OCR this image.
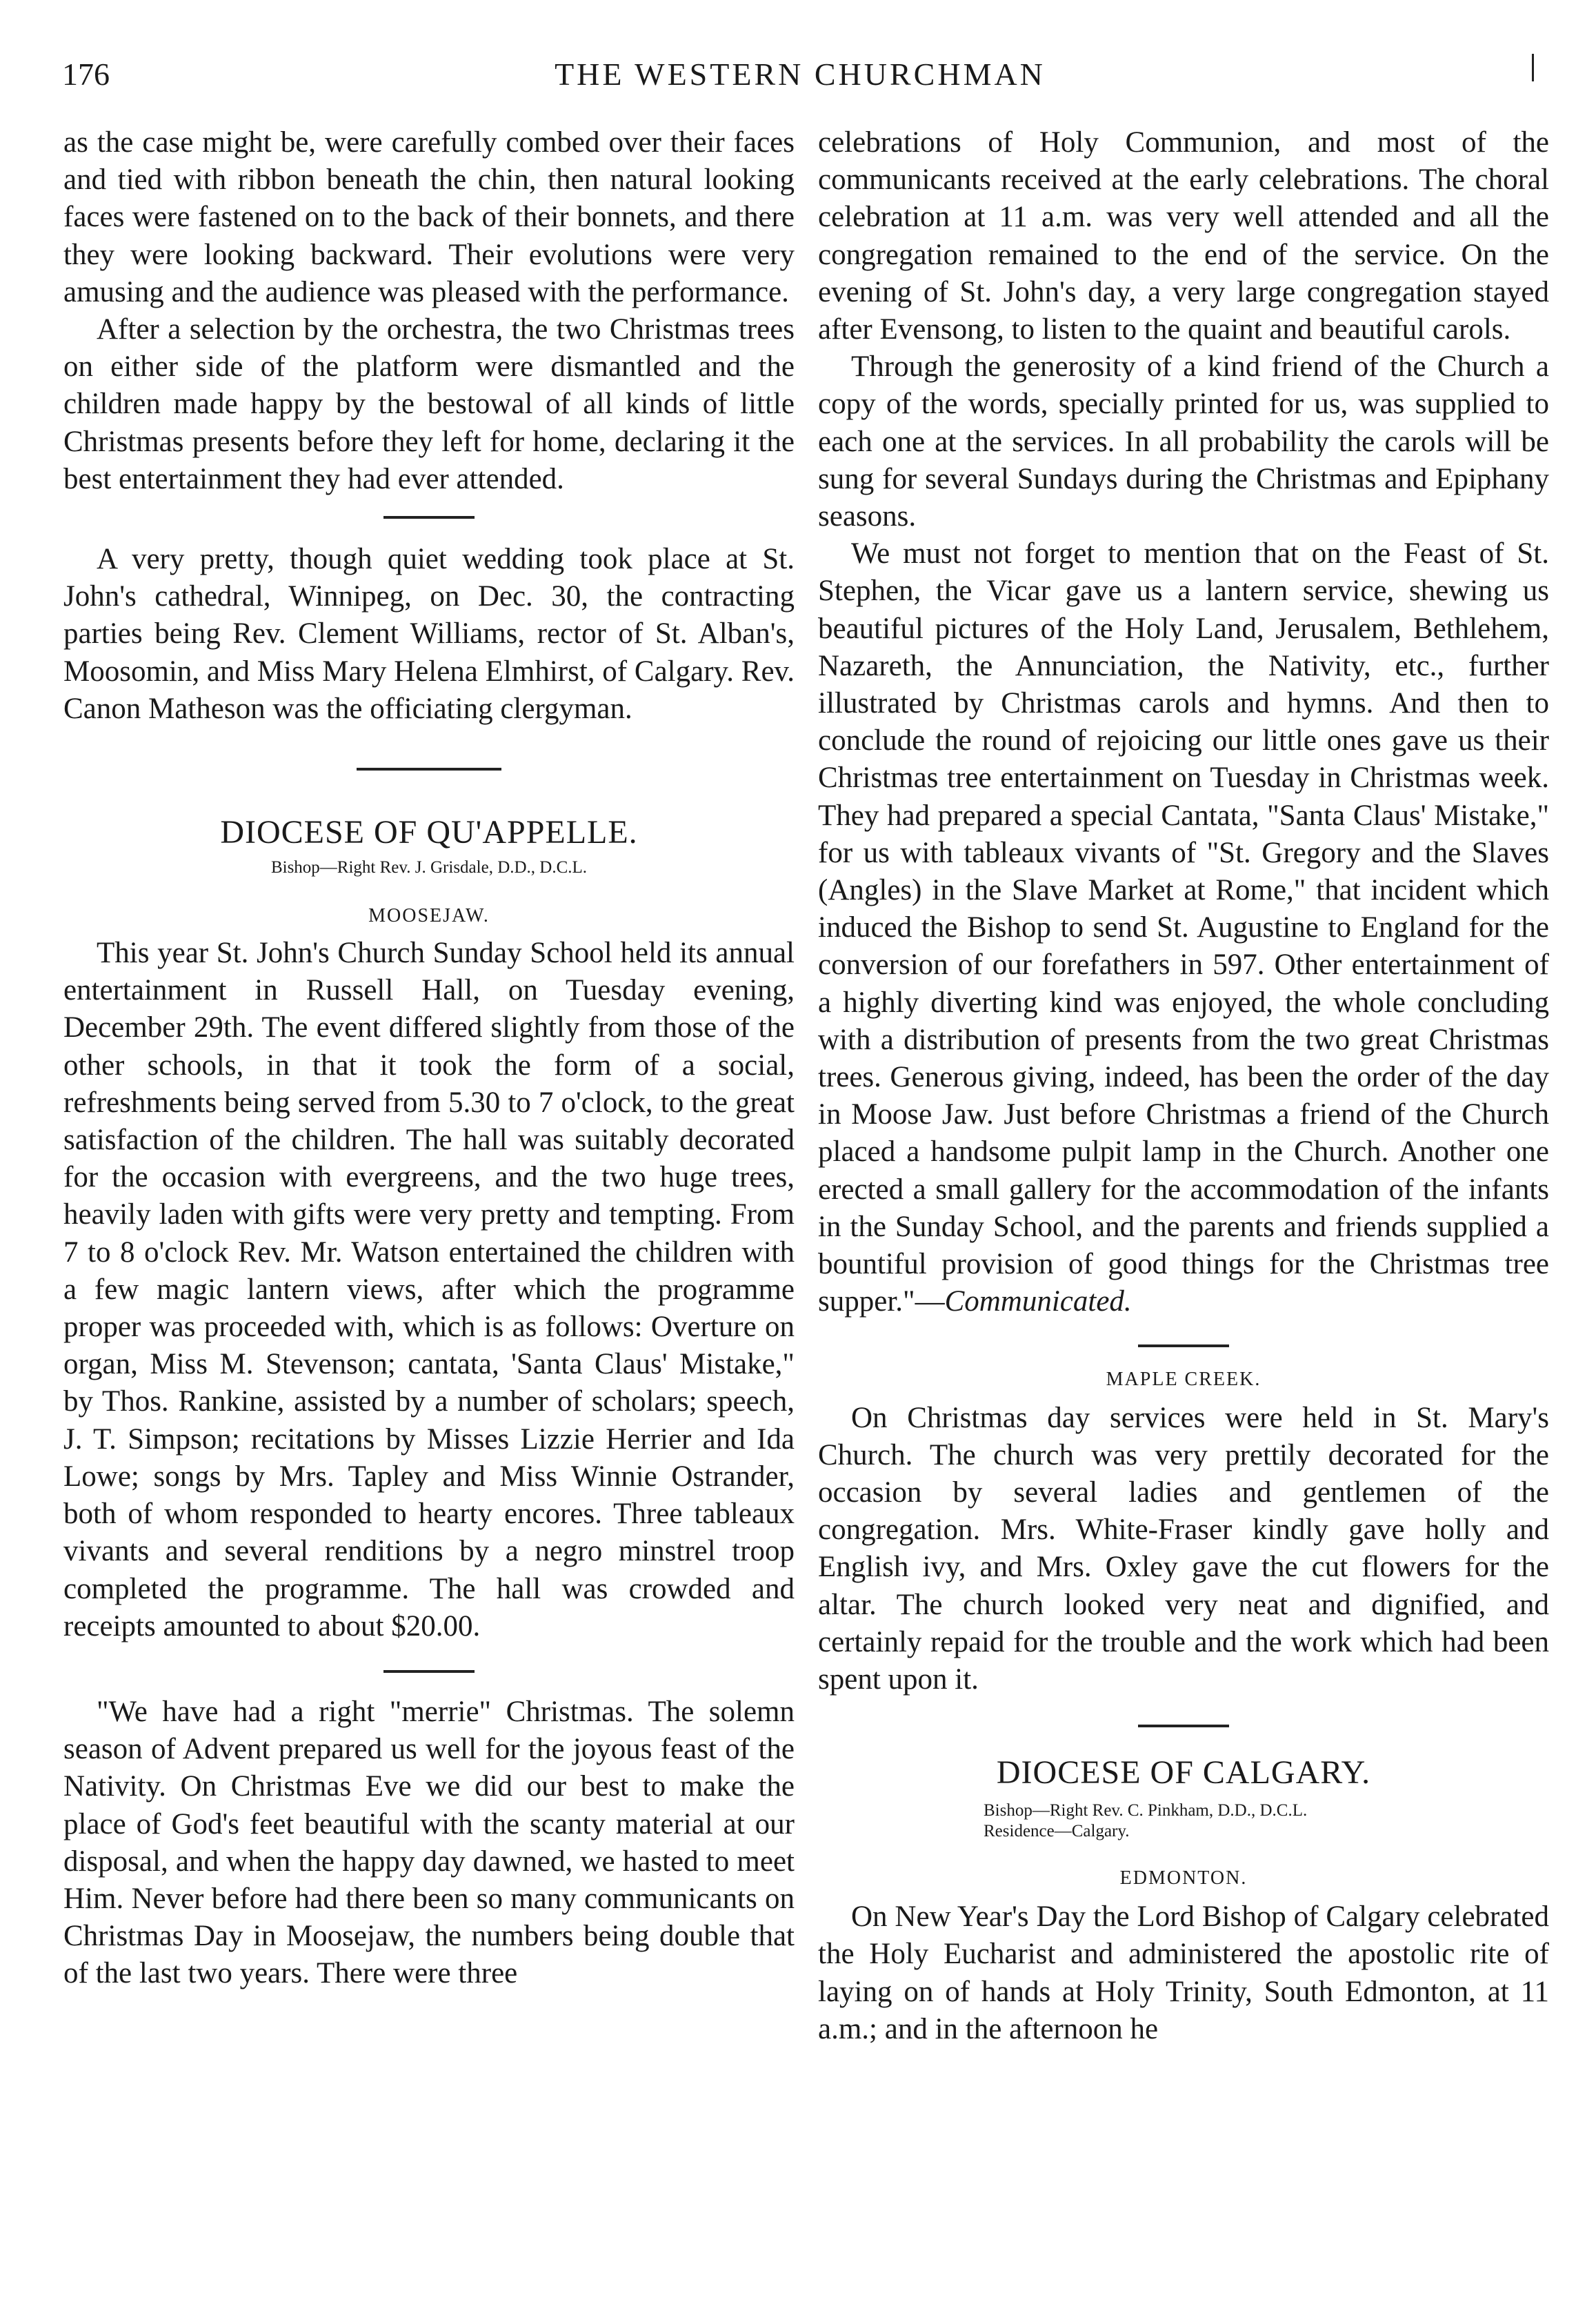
176	THE WESTERN CHURCHMAN

as the case might be, were carefully combed over their faces and tied with ribbon beneath the chin, then natural looking faces were fastened on to the back of their bonnets, and there they were looking backward. Their evolutions were very amusing and the audience was pleased with the performance.

After a selection by the orchestra, the two Christmas trees on either side of the platform were dismantled and the children made happy by the bestowal of all kinds of little Christmas presents before they left for home, declaring it the best entertainment they had ever attended.

A very pretty, though quiet wedding took place at St. John's cathedral, Winnipeg, on Dec. 30, the contracting parties being Rev. Clement Williams, rector of St. Alban's, Moosomin, and Miss Mary Helena Elmhirst, of Calgary. Rev. Canon Matheson was the officiating clergyman.

DIOCESE OF QU'APPELLE.

Bishop—Right Rev. J. Grisdale, D.D., D.C.L.

MOOSEJAW.

This year St. John's Church Sunday School held its annual entertainment in Russell Hall, on Tuesday evening, December 29th. The event differed slightly from those of the other schools, in that it took the form of a social, refreshments being served from 5.30 to 7 o'clock, to the great satisfaction of the children. The hall was suitably decorated for the occasion with evergreens, and the two huge trees, heavily laden with gifts were very pretty and tempting. From 7 to 8 o'clock Rev. Mr. Watson entertained the children with a few magic lantern views, after which the programme proper was proceeded with, which is as follows: Overture on organ, Miss M. Stevenson; cantata, 'Santa Claus' Mistake," by Thos. Rankine, assisted by a number of scholars; speech, J. T. Simpson; recitations by Misses Lizzie Herrier and Ida Lowe; songs by Mrs. Tapley and Miss Winnie Ostrander, both of whom responded to hearty encores. Three tableaux vivants and several renditions by a negro minstrel troop completed the programme. The hall was crowded and receipts amounted to about $20.00.

"We have had a right "merrie" Christmas. The solemn season of Advent prepared us well for the joyous feast of the Nativity. On Christmas Eve we did our best to make the place of God's feet beautiful with the scanty material at our disposal, and when the happy day dawned, we hasted to meet Him. Never before had there been so many communicants on Christmas Day in Moosejaw, the numbers being double that of the last two years. There were three

celebrations of Holy Communion, and most of the communicants received at the early celebrations. The choral celebration at 11 a.m. was very well attended and all the congregation remained to the end of the service. On the evening of St. John's day, a very large congregation stayed after Evensong, to listen to the quaint and beautiful carols.

Through the generosity of a kind friend of the Church a copy of the words, specially printed for us, was supplied to each one at the services. In all probability the carols will be sung for several Sundays during the Christmas and Epiphany seasons.

We must not forget to mention that on the Feast of St. Stephen, the Vicar gave us a lantern service, shewing us beautiful pictures of the Holy Land, Jerusalem, Bethlehem, Nazareth, the Annunciation, the Nativity, etc., further illustrated by Christmas carols and hymns. And then to conclude the round of rejoicing our little ones gave us their Christmas tree entertainment on Tuesday in Christmas week. They had prepared a special Cantata, "Santa Claus' Mistake," for us with tableaux vivants of "St. Gregory and the Slaves (Angles) in the Slave Market at Rome," that incident which induced the Bishop to send St. Augustine to England for the conversion of our forefathers in 597. Other entertainment of a highly diverting kind was enjoyed, the whole concluding with a distribution of presents from the two great Christmas trees. Generous giving, indeed, has been the order of the day in Moose Jaw. Just before Christmas a friend of the Church placed a handsome pulpit lamp in the Church. Another one erected a small gallery for the accommodation of the infants in the Sunday School, and the parents and friends supplied a bountiful provision of good things for the Christmas tree supper."—Communicated.

MAPLE CREEK.

On Christmas day services were held in St. Mary's Church. The church was very prettily decorated for the occasion by several ladies and gentlemen of the congregation. Mrs. White-Fraser kindly gave holly and English ivy, and Mrs. Oxley gave the cut flowers for the altar. The church looked very neat and dignified, and certainly repaid for the trouble and the work which had been spent upon it.

DIOCESE OF CALGARY.

Bishop—Right Rev. C. Pinkham, D.D., D.C.L.

Residence—Calgary.

EDMONTON.

On New Year's Day the Lord Bishop of Calgary celebrated the Holy Eucharist and administered the apostolic rite of laying on of hands at Holy Trinity, South Edmonton, at 11 a.m.; and in the afternoon he
